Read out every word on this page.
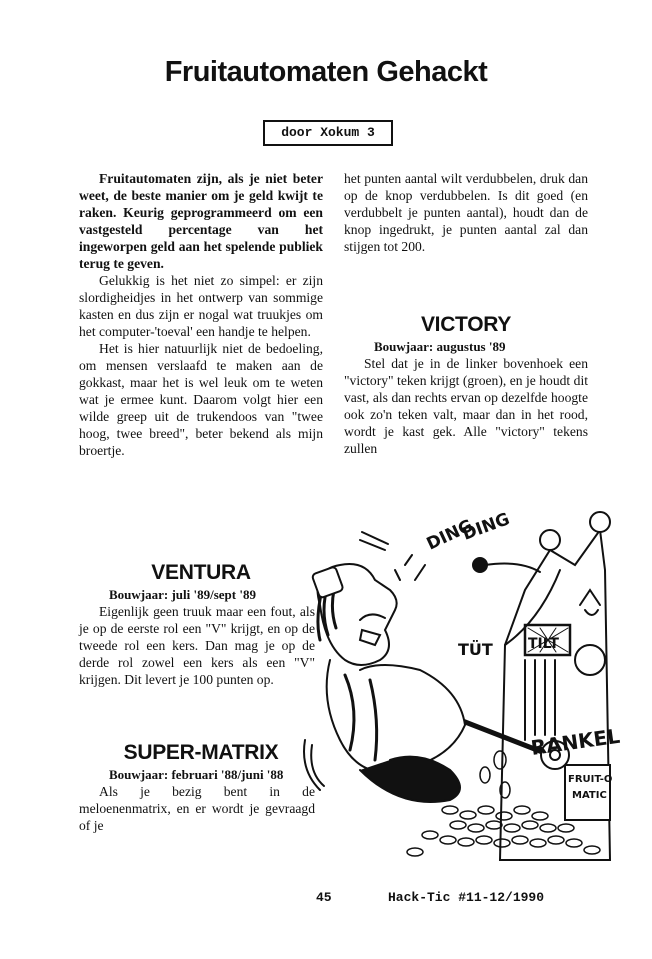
Fruitautomaten Gehackt
door Xokum 3

Fruitautomaten zijn, als je niet beter weet, de beste manier om je geld kwijt te raken. Keurig geprogrammeerd om een vastgesteld percentage van het ingeworpen geld aan het spelende publiek terug te geven.

Gelukkig is het niet zo simpel: er zijn slordigheidjes in het ontwerp van sommige kasten en dus zijn er nogal wat truukjes om het computer-'toeval' een handje te helpen.

Het is hier natuurlijk niet de bedoeling, om mensen verslaafd te maken aan de gokkast, maar het is wel leuk om te weten wat je ermee kunt. Daarom volgt hier een wilde greep uit de trukendoos van "twee hoog, twee breed", beter bekend als mijn broertje.

VENTURA

Bouwjaar: juli '89/sept '89

Eigenlijk geen truuk maar een fout, als je op de eerste rol een "V" krijgt, en op de tweede rol een kers. Dan mag je op de derde rol zowel een kers als een "V" krijgen. Dit levert je 100 punten op.

SUPER-MATRIX

Bouwjaar: februari '88/juni '88

Als je bezig bent in de meloenenmatrix, en er wordt je gevraagd of je

het punten aantal wilt verdubbelen, druk dan op de knop verdubbelen. Is dit goed (en verdubbelt je punten aantal), houdt dan de knop ingedrukt, je punten aantal zal dan stijgen tot 200.

VICTORY

Bouwjaar: augustus '89

Stel dat je in de linker bovenhoek een "victory" teken krijgt (groen), en je houdt dit vast, als dan rechts ervan op dezelfde hoogte ook zo'n teken valt, maar dan in het rood, wordt je kast gek. Alle "victory" tekens zullen

DING
DING
TÜT	TILT
RANKEL
FRUIT-O
MATIC
45	Hack-Tic #11-12/1990
